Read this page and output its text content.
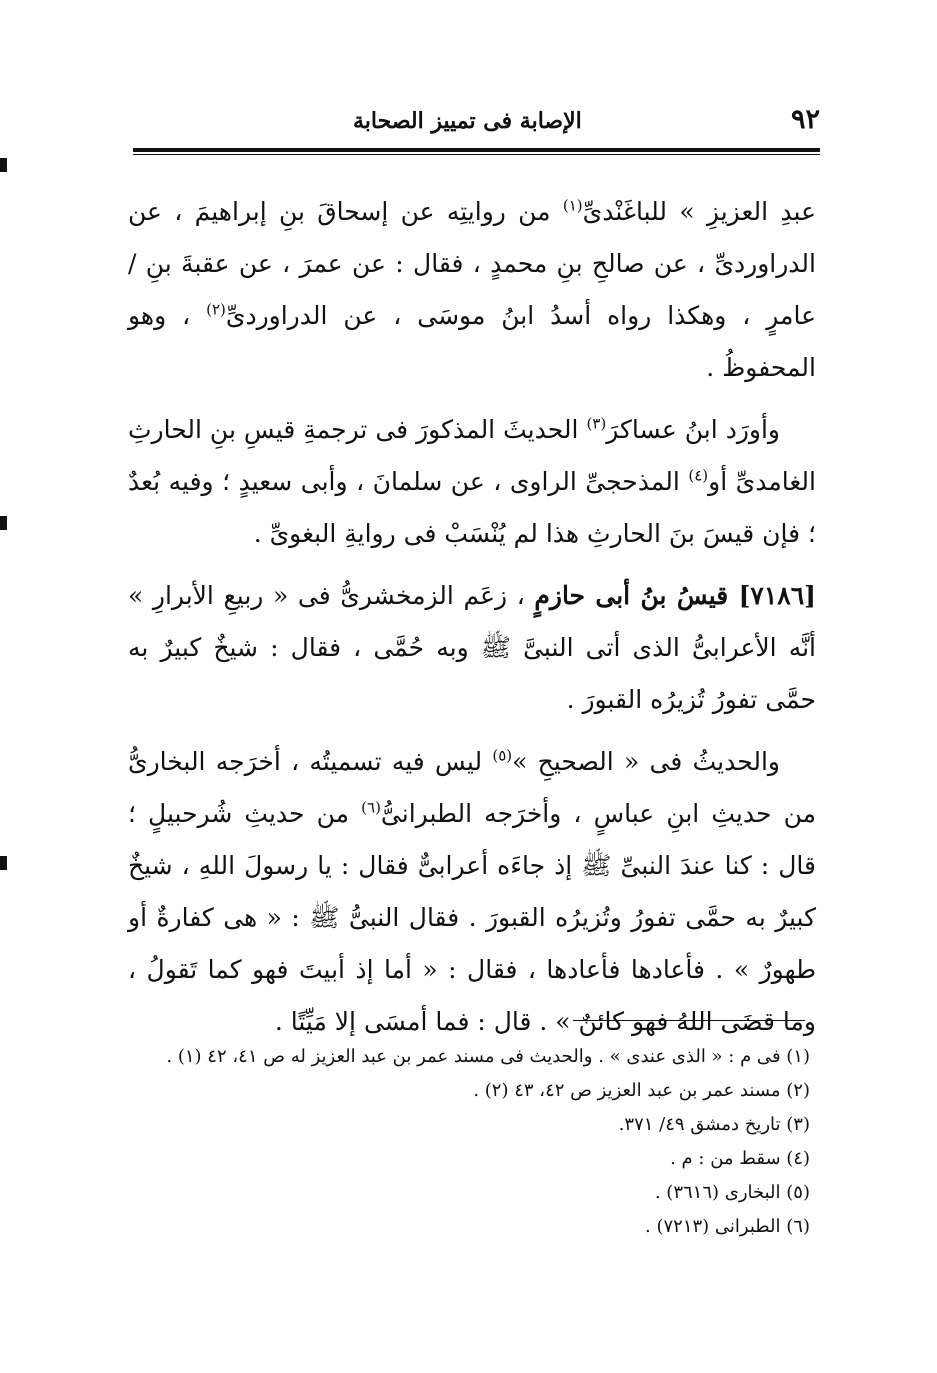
٩٢
الإصابة فى تمييز الصحابة

عبدِ العزيزِ » للباغَنْدىِّ$^{(١)}$ من روايتِه عن إسحاقَ بنِ إبراهيمَ ، عن الدراوردىِّ ، عن صالحِ بنِ محمدٍ ، فقال : عن عمرَ ، عن عقبةَ بنِ / عامرٍ ، وهكذا رواه أسدُ ابنُ موسَى ، عن الدراوردىِّ$^{(٢)}$ ، وهو المحفوظُ .

وأورَد ابنُ عساكرَ$^{(٣)}$ الحديثَ المذكورَ فى ترجمةِ قيسِ بنِ الحارثِ الغامدىِّ أو$^{(٤)}$ المذحجىِّ الراوى ، عن سلمانَ ، وأبى سعيدٍ ؛ وفيه بُعدٌ ؛ فإن قيسَ بنَ الحارثِ هذا لم يُنْسَبْ فى روايةِ البغوىِّ .

[٧١٨٦] قيسُ بنُ أبى حازمٍ ، زعَم الزمخشرىُّ فى « ربيعِ الأبرارِ » أنَّه الأعرابىُّ الذى أتى النبىَّ ﷺ وبه حُمَّى ، فقال : شيخٌ كبيرٌ به حمَّى تفورُ تُزيرُه القبورَ .

والحديثُ فى « الصحيحِ »$^{(٥)}$ ليس فيه تسميتُه ، أخرَجه البخارىُّ من حديثِ ابنِ عباسٍ ، وأخرَجه الطبرانىُّ$^{(٦)}$ من حديثِ شُرحبيلٍ ؛ قال : كنا عندَ النبىِّ ﷺ إذ جاءَه أعرابىٌّ فقال : يا رسولَ اللهِ ، شيخٌ كبيرٌ به حمَّى تفورُ وتُزيرُه القبورَ . فقال النبىُّ ﷺ : « هى كفارةٌ أو طهورٌ » . فأعادها فأعادها ، فقال : « أما إذ أبيتَ فهو كما تَقولُ ، وما قضَى اللهُ فهو كائنٌ » . قال : فما أمسَى إلا مَيِّتًا .

(١) فى م : « الذى عندى » . والحديث فى مسند عمر بن عبد العزيز له ص ٤١، ٤٢ (١) .

(٢) مسند عمر بن عبد العزيز ص ٤٢، ٤٣ (٢) .

(٣) تاريخ دمشق ٤٩/ ٣٧١.

(٤) سقط من : م .

(٥) البخارى (٣٦١٦) .

(٦) الطبرانى (٧٢١٣) .
